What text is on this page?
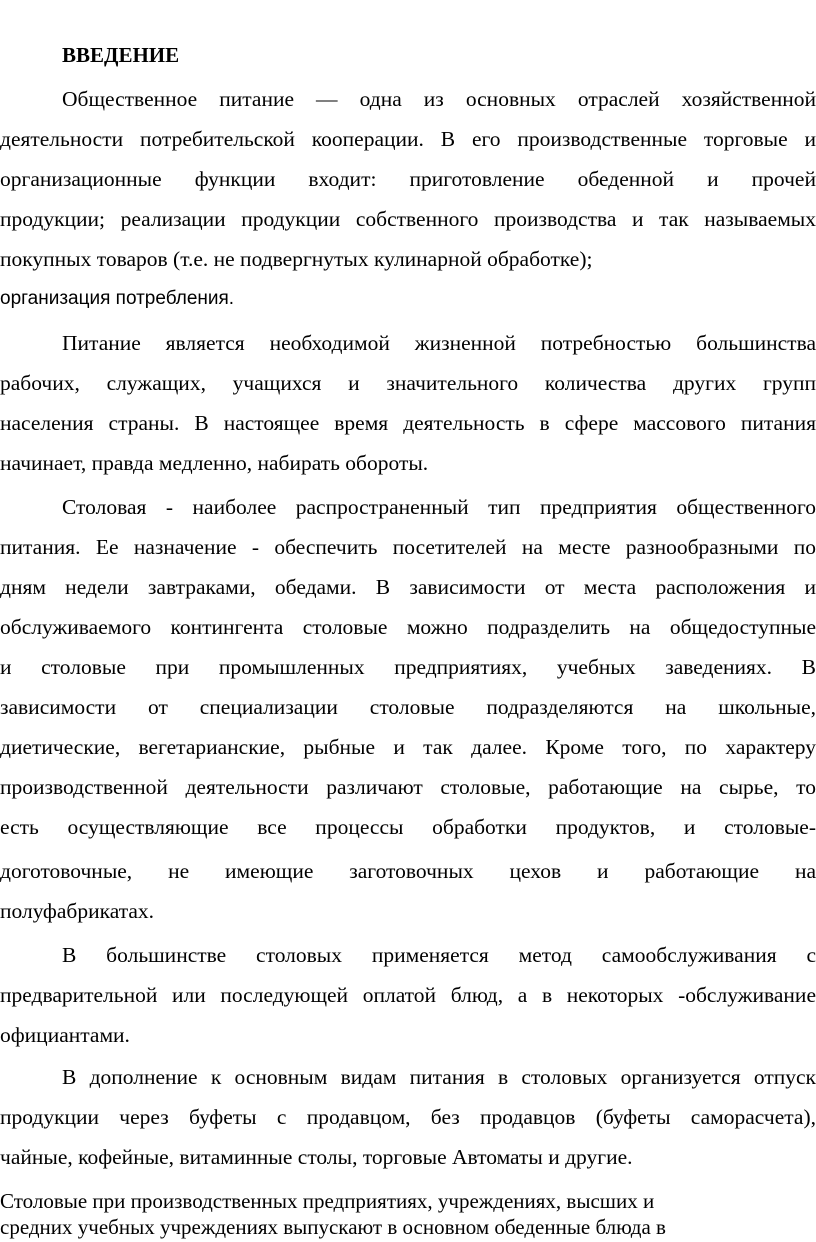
ВВЕДЕНИЕ
Общественное питание — одна из основных отраслей хозяйственной
деятельности потребительской кооперации. В его производственные торговые и
организационные функции входит: приготовление обеденной и прочей
продукции; реализации продукции собственного производства и так называемых
покупных товаров (т.е. не подвергнутых кулинарной обработке);
организация потребления.
Питание является необходимой жизненной потребностью большинства
рабочих, служащих, учащихся и значительного количества других групп
населения страны. В настоящее время деятельность в сфере массового питания
начинает, правда медленно, набирать обороты.
Столовая - наиболее распространенный тип предприятия общественного
питания. Ее назначение - обеспечить посетителей на месте разнообразными по
дням недели завтраками, обедами. В зависимости от места расположения и
обслуживаемого контингента столовые можно подразделить на общедоступные
и столовые при промышленных предприятиях, учебных заведениях. В
зависимости от специализации столовые подразделяются на школьные,
диетические, вегетарианские, рыбные и так далее. Кроме того, по характеру
производственной деятельности различают столовые, работающие на сырье, то
есть осуществляющие все процессы обработки продуктов, и столовые-
доготовочные, не имеющие заготовочных цехов и работающие на
полуфабрикатах.
В большинстве столовых применяется метод самообслуживания с
предварительной или последующей оплатой блюд, а в некоторых -обслуживание
официантами.
В дополнение к основным видам питания в столовых организуется отпуск
продукции через буфеты с продавцом, без продавцов (буфеты саморасчета),
чайные, кофейные, витаминные столы, торговые Автоматы и другие.
Столовые при производственных предприятиях, учреждениях, высших и
средних учебных учреждениях выпускают в основном обеденные блюда в
